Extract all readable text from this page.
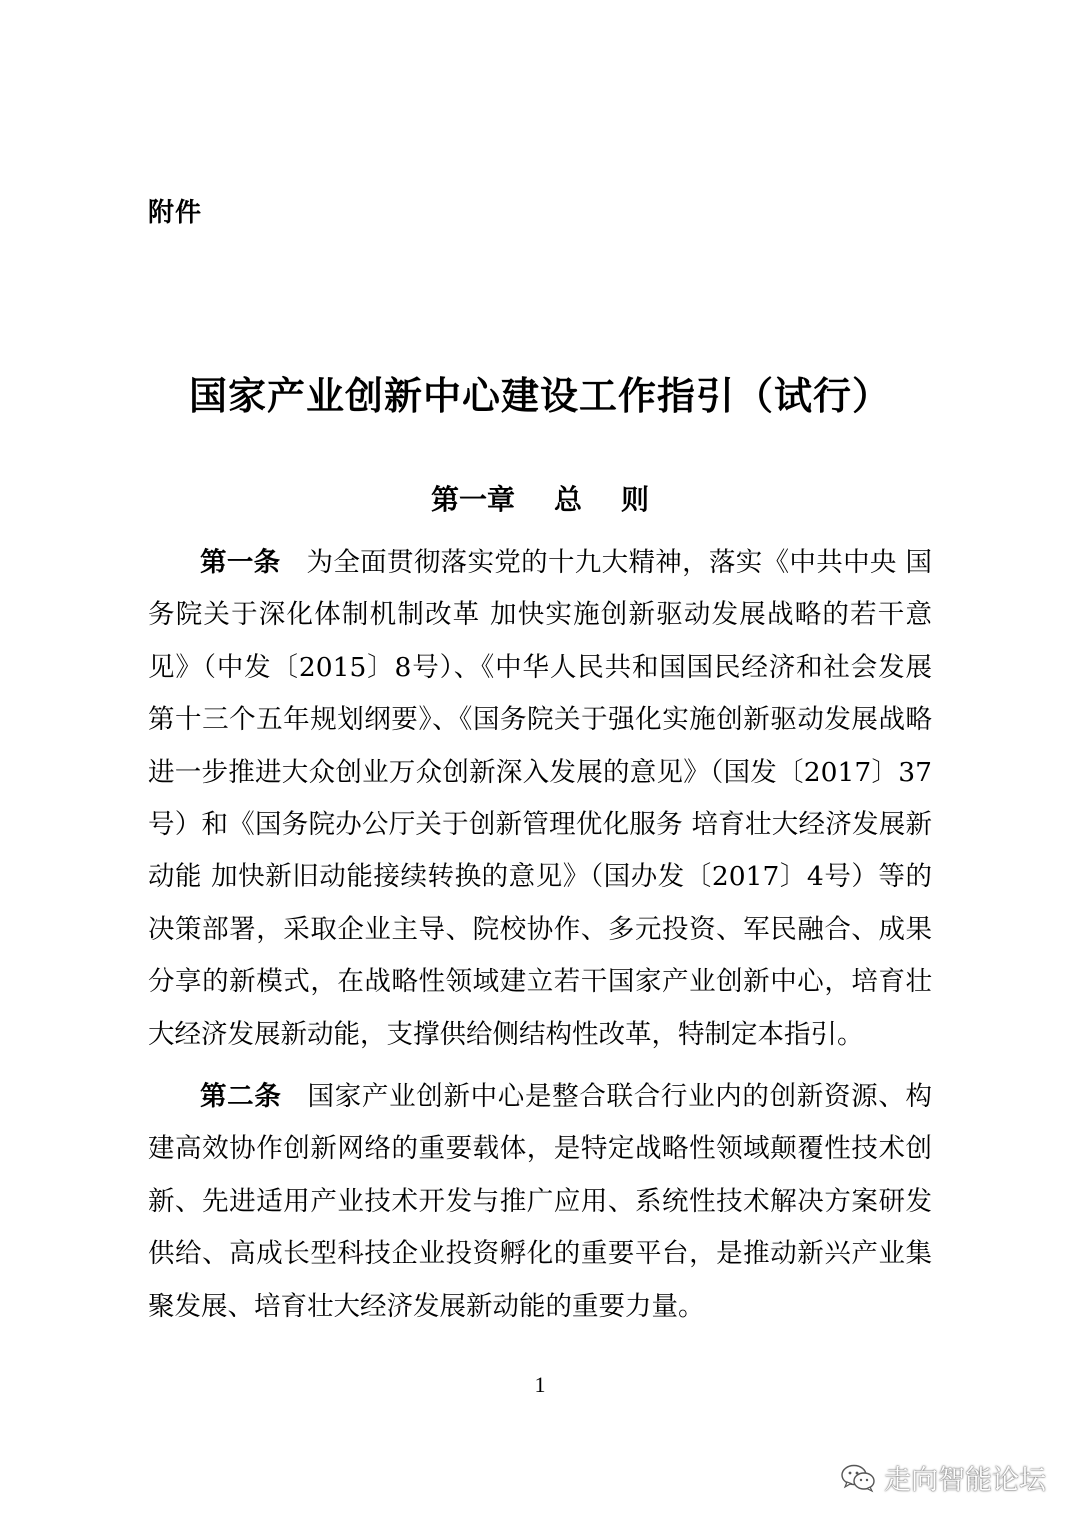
附件
国家产业创新中心建设工作指引（试行）
第一章    总    则

第一条 为全面贯彻落实党的十九大精神，落实《中共中央 国务院关于深化体制机制改革 加快实施创新驱动发展战略的若干意见》（中发〔2015〕8号）、《中华人民共和国国民经济和社会发展第十三个五年规划纲要》、《国务院关于强化实施创新驱动发展战略进一步推进大众创业万众创新深入发展的意见》（国发〔2017〕37号）和《国务院办公厅关于创新管理优化服务 培育壮大经济发展新动能 加快新旧动能接续转换的意见》（国办发〔2017〕4号）等的决策部署，采取企业主导、院校协作、多元投资、军民融合、成果分享的新模式，在战略性领域建立若干国家产业创新中心，培育壮大经济发展新动能，支撑供给侧结构性改革，特制定本指引。

第二条 国家产业创新中心是整合联合行业内的创新资源、构建高效协作创新网络的重要载体，是特定战略性领域颠覆性技术创新、先进适用产业技术开发与推广应用、系统性技术解决方案研发供给、高成长型科技企业投资孵化的重要平台，是推动新兴产业集聚发展、培育壮大经济发展新动能的重要力量。

1
走向智能论坛
